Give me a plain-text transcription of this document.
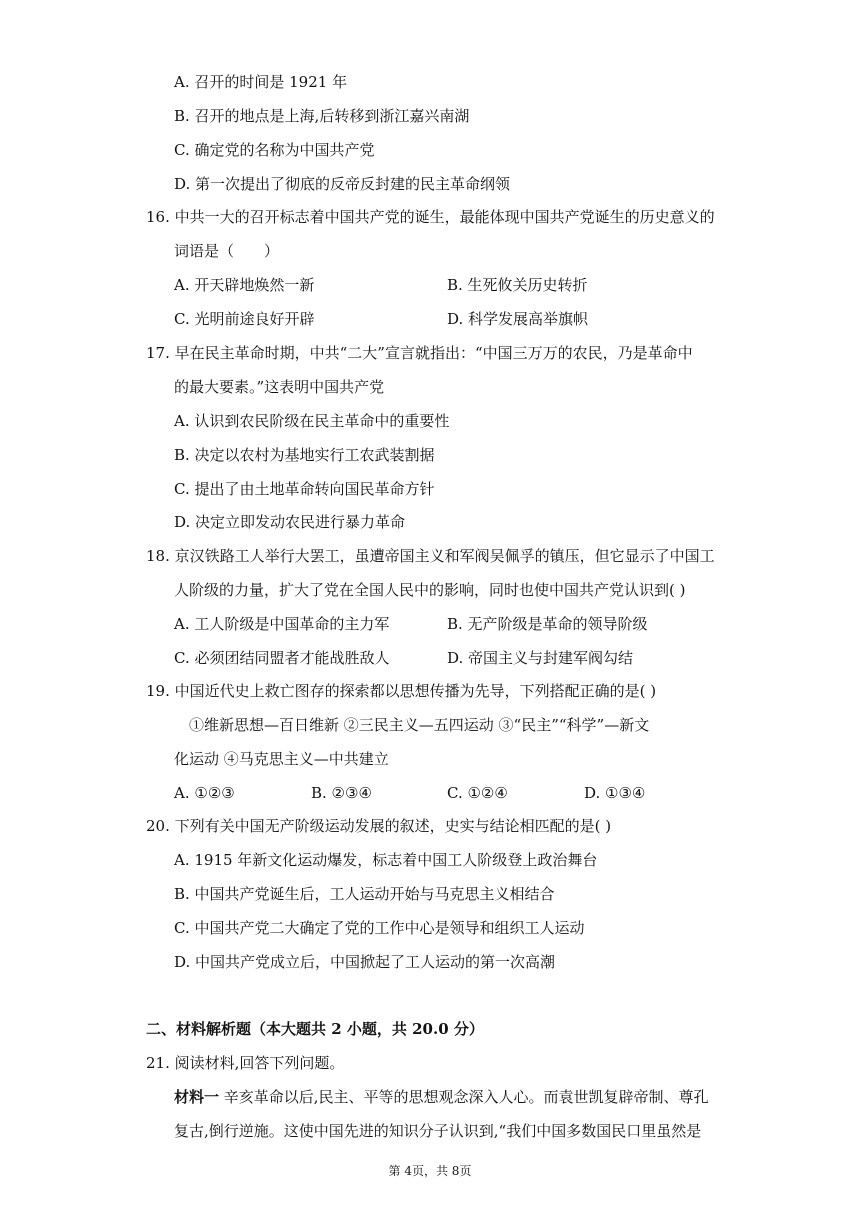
A. 召开的时间是 1921 年
B. 召开的地点是上海,后转移到浙江嘉兴南湖
C. 确定党的名称为中国共产党
D. 第一次提出了彻底的反帝反封建的民主革命纲领
16. 中共一大的召开标志着中国共产党的诞生，最能体现中国共产党诞生的历史意义的
词语是（　　）
A. 开天辟地焕然一新	B. 生死攸关历史转折
C. 光明前途良好开辟	D. 科学发展高举旗帜
17. 早在民主革命时期，中共“二大”宣言就指出：“中国三万万的农民，乃是革命中
的最大要素。”这表明中国共产党
A. 认识到农民阶级在民主革命中的重要性
B. 决定以农村为基地实行工农武装割据
C. 提出了由土地革命转向国民革命方针
D. 决定立即发动农民进行暴力革命
18. 京汉铁路工人举行大罢工，虽遭帝国主义和军阀吴佩孚的镇压，但它显示了中国工
人阶级的力量，扩大了党在全国人民中的影响，同时也使中国共产党认识到( )
A. 工人阶级是中国革命的主力军	B. 无产阶级是革命的领导阶级
C. 必须团结同盟者才能战胜敌人	D. 帝国主义与封建军阀勾结
19. 中国近代史上救亡图存的探索都以思想传播为先导，下列搭配正确的是( )
①维新思想—百日维新 ②三民主义—五四运动 ③“民主”“科学”—新文
化运动 ④马克思主义—中共建立
A. ①②③	B. ②③④	C. ①②④	D. ①③④
20. 下列有关中国无产阶级运动发展的叙述，史实与结论相匹配的是( )
A. 1915 年新文化运动爆发，标志着中国工人阶级登上政治舞台
B. 中国共产党诞生后，工人运动开始与马克思主义相结合
C. 中国共产党二大确定了党的工作中心是领导和组织工人运动
D. 中国共产党成立后，中国掀起了工人运动的第一次高潮
二、材料解析题（本大题共 2 小题，共 20.0 分）
21. 阅读材料,回答下列问题。
材料一 辛亥革命以后,民主、平等的思想观念深入人心。而袁世凯复辟帝制、尊孔
复古,倒行逆施。这使中国先进的知识分子认识到,“我们中国多数国民口里虽然是
第 4页，共 8页
